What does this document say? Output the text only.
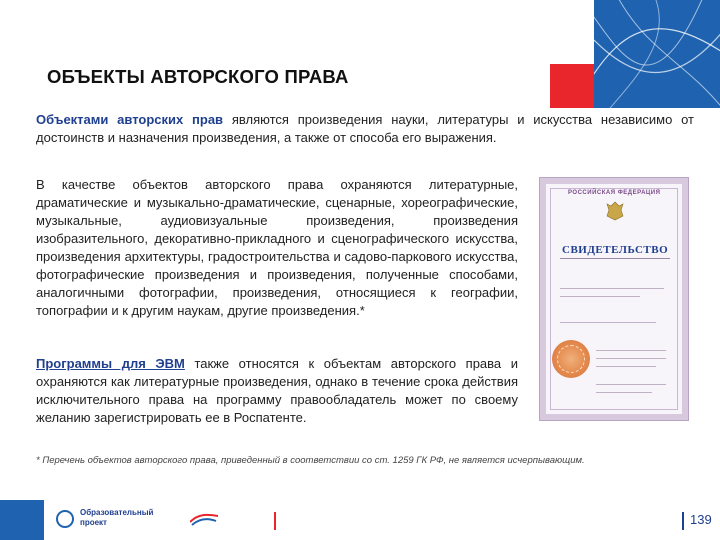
ОБЪЕКТЫ АВТОРСКОГО ПРАВА

Объектами авторских прав являются произведения науки, литературы и искусства независимо от достоинств и назначения произведения, а также от способа его выражения.

В качестве объектов авторского права охраняются литературные, драматические и музыкально-драматические, сценарные, хореографические, музыкальные, аудиовизуальные произведения, произведения изобразительного, декоративно-прикладного и сценографического искусства, произведения архитектуры, градостроительства и садово-паркового искусства, фотографические произведения и произведения, полученные способами, аналогичными фотографии, произведения, относящиеся к географии, топографии и к другим наукам, другие произведения.*

Программы для ЭВМ также относятся к объектам авторского права и охраняются как литературные произведения, однако в течение срока действия исключительного права на программу правообладатель может по своему желанию зарегистрировать ее в Роспатенте.

* Перечень объектов авторского права, приведенный в соответствии со ст. 1259 ГК РФ, не является исчерпывающим.

РОССИЙСКАЯ ФЕДЕРАЦИЯ
СВИДЕТЕЛЬСТВО
Образовательный
проект	139
